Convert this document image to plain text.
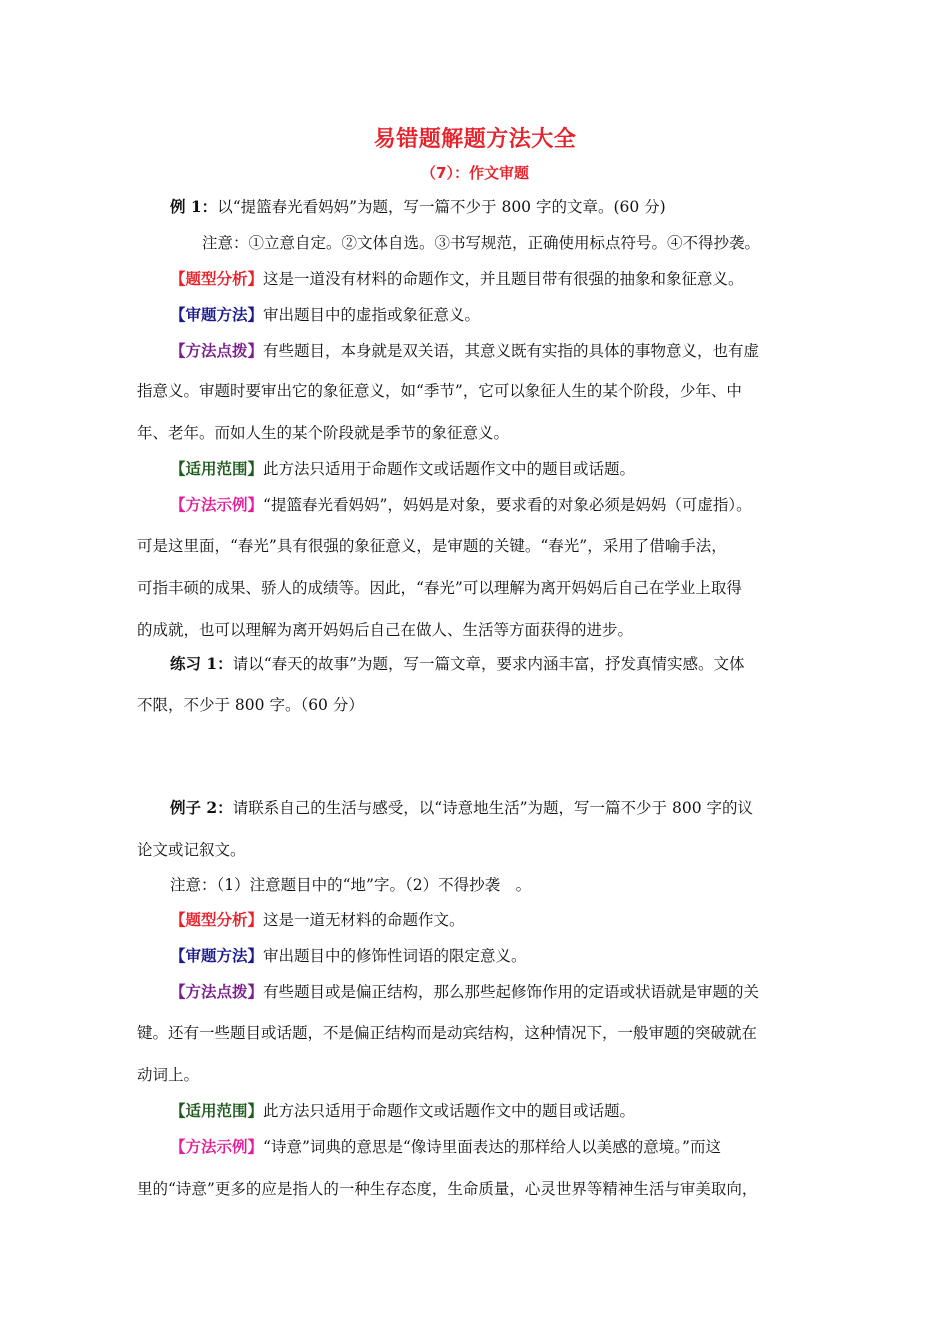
易错题解题方法大全
（7）：作文审题
例 1：以“提篮春光看妈妈”为题，写一篇不少于 800 字的文章。(60 分)
注意：①立意自定。②文体自选。③书写规范，正确使用标点符号。④不得抄袭。
【题型分析】这是一道没有材料的命题作文，并且题目带有很强的抽象和象征意义。
【审题方法】审出题目中的虚指或象征意义。
【方法点拨】有些题目，本身就是双关语，其意义既有实指的具体的事物意义，也有虚
指意义。审题时要审出它的象征意义，如“季节”，它可以象征人生的某个阶段，少年、中
年、老年。而如人生的某个阶段就是季节的象征意义。
【适用范围】此方法只适用于命题作文或话题作文中的题目或话题。
【方法示例】“提篮春光看妈妈”，妈妈是对象，要求看的对象必须是妈妈（可虚指）。
可是这里面，“春光”具有很强的象征意义，是审题的关键。“春光”，采用了借喻手法，
可指丰硕的成果、骄人的成绩等。因此，“春光”可以理解为离开妈妈后自己在学业上取得
的成就，也可以理解为离开妈妈后自己在做人、生活等方面获得的进步。
练习 1：请以“春天的故事”为题，写一篇文章，要求内涵丰富，抒发真情实感。文体
不限，不少于 800 字。（60 分）
例子 2：请联系自己的生活与感受，以“诗意地生活”为题，写一篇不少于 800 字的议
论文或记叙文。
注意：（1）注意题目中的“地”字。（2）不得抄袭　。
【题型分析】这是一道无材料的命题作文。
【审题方法】审出题目中的修饰性词语的限定意义。
【方法点拨】有些题目或是偏正结构，那么那些起修饰作用的定语或状语就是审题的关
键。还有一些题目或话题，不是偏正结构而是动宾结构，这种情况下，一般审题的突破就在
动词上。
【适用范围】此方法只适用于命题作文或话题作文中的题目或话题。
【方法示例】“诗意”词典的意思是“像诗里面表达的那样给人以美感的意境。”而这
里的“诗意”更多的应是指人的一种生存态度，生命质量，心灵世界等精神生活与审美取向，
